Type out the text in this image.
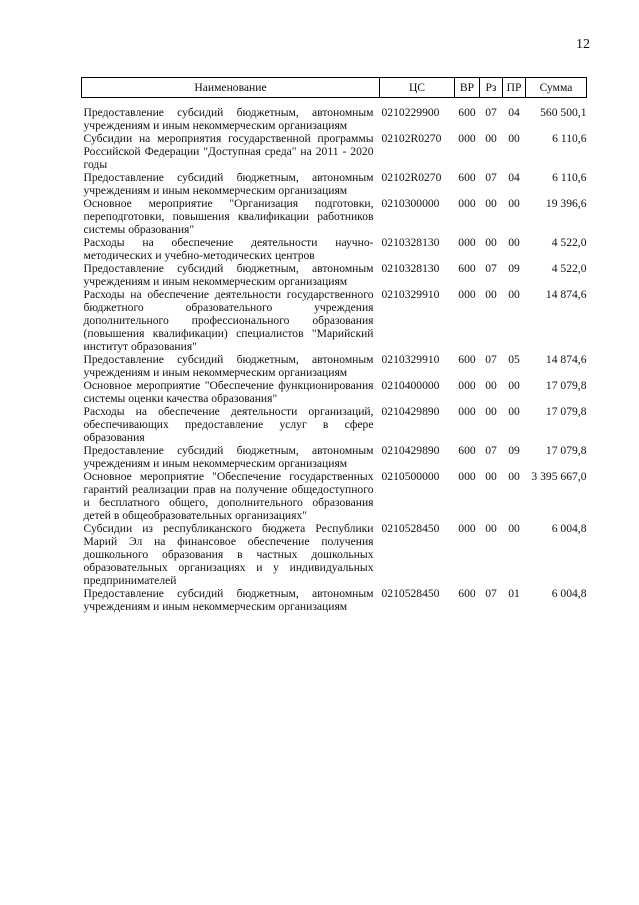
12
Наименование	ЦС	ВР	Рз	ПР	Сумма
Предоставление субсидий бюджетным, автономным учреждениям и иным некоммерческим организациям	0210229900	600	07	04	560 500,1
Субсидии на мероприятия государственной программы Российской Федерации "Доступная среда" на 2011 - 2020 годы	02102R0270	000	00	00	6 110,6
Предоставление субсидий бюджетным, автономным учреждениям и иным некоммерческим организациям	02102R0270	600	07	04	6 110,6
Основное мероприятие "Организация подготовки, переподготовки, повышения квалификации работников системы образования"	0210300000	000	00	00	19 396,6
Расходы на обеспечение деятельности научно-методических и учебно-методических центров	0210328130	000	00	00	4 522,0
Предоставление субсидий бюджетным, автономным учреждениям и иным некоммерческим организациям	0210328130	600	07	09	4 522,0
Расходы на обеспечение деятельности государственного бюджетного образовательного учреждения дополнительного профессионального образования (повышения квалификации) специалистов "Марийский институт образования"	0210329910	000	00	00	14 874,6
Предоставление субсидий бюджетным, автономным учреждениям и иным некоммерческим организациям	0210329910	600	07	05	14 874,6
Основное мероприятие "Обеспечение функционирования системы оценки качества образования"	0210400000	000	00	00	17 079,8
Расходы на обеспечение деятельности организаций, обеспечивающих предоставление услуг в сфере образования	0210429890	000	00	00	17 079,8
Предоставление субсидий бюджетным, автономным учреждениям и иным некоммерческим организациям	0210429890	600	07	09	17 079,8
Основное мероприятие "Обеспечение государственных гарантий реализации прав на получение общедоступного и бесплатного общего, дополнительного образования детей в общеобразовательных организациях"	0210500000	000	00	00	3 395 667,0
Субсидии из республиканского бюджета Республики Марий Эл на финансовое обеспечение получения дошкольного образования в частных дошкольных образовательных организациях и у индивидуальных предпринимателей	0210528450	000	00	00	6 004,8
Предоставление субсидий бюджетным, автономным учреждениям и иным некоммерческим организациям	0210528450	600	07	01	6 004,8
